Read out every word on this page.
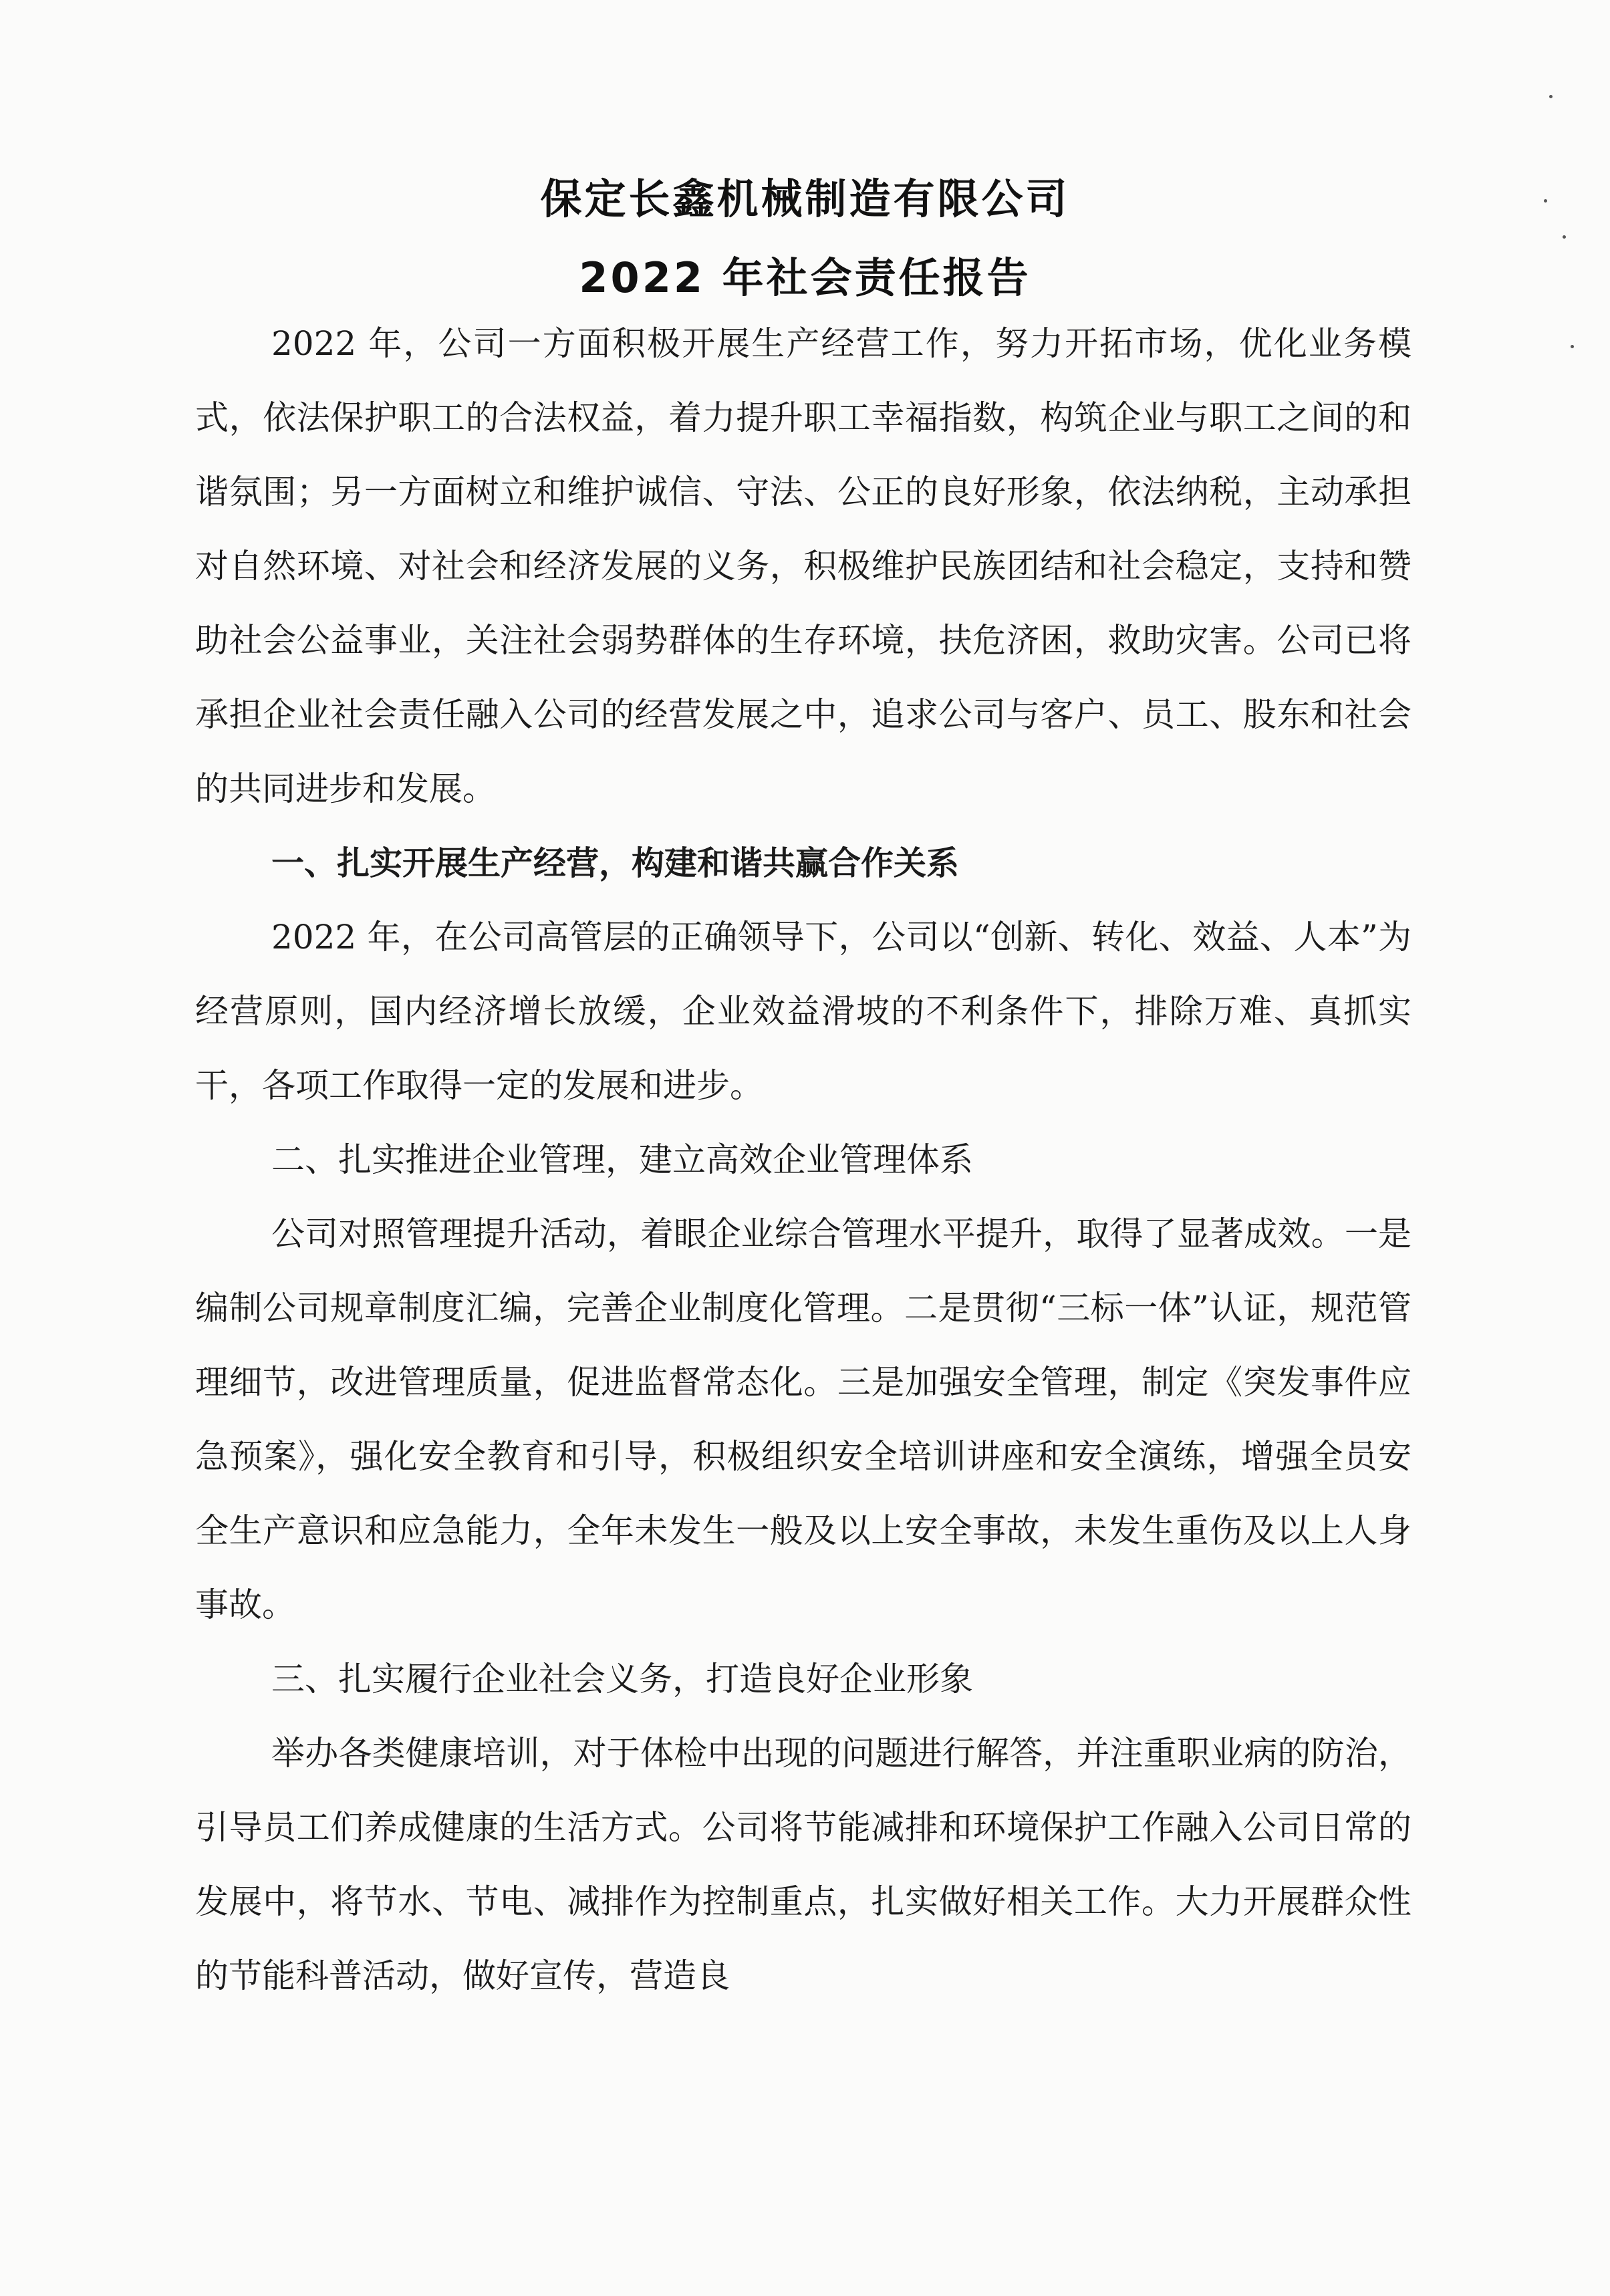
保定长鑫机械制造有限公司
2022 年社会责任报告

2022 年，公司一方面积极开展生产经营工作，努力开拓市场，优化业务模式，依法保护职工的合法权益，着力提升职工幸福指数，构筑企业与职工之间的和谐氛围；另一方面树立和维护诚信、守法、公正的良好形象，依法纳税，主动承担对自然环境、对社会和经济发展的义务，积极维护民族团结和社会稳定，支持和赞助社会公益事业，关注社会弱势群体的生存环境，扶危济困，救助灾害。公司已将承担企业社会责任融入公司的经营发展之中，追求公司与客户、员工、股东和社会的共同进步和发展。

一、扎实开展生产经营，构建和谐共赢合作关系

2022 年，在公司高管层的正确领导下，公司以“创新、转化、效益、人本”为经营原则，国内经济增长放缓，企业效益滑坡的不利条件下，排除万难、真抓实干，各项工作取得一定的发展和进步。

二、扎实推进企业管理，建立高效企业管理体系

公司对照管理提升活动，着眼企业综合管理水平提升，取得了显著成效。一是编制公司规章制度汇编，完善企业制度化管理。二是贯彻“三标一体”认证，规范管理细节，改进管理质量，促进监督常态化。三是加强安全管理，制定《突发事件应急预案》，强化安全教育和引导，积极组织安全培训讲座和安全演练，增强全员安全生产意识和应急能力，全年未发生一般及以上安全事故，未发生重伤及以上人身事故。

三、扎实履行企业社会义务，打造良好企业形象

举办各类健康培训，对于体检中出现的问题进行解答，并注重职业病的防治，引导员工们养成健康的生活方式。公司将节能减排和环境保护工作融入公司日常的发展中，将节水、节电、减排作为控制重点，扎实做好相关工作。大力开展群众性的节能科普活动，做好宣传，营造良
